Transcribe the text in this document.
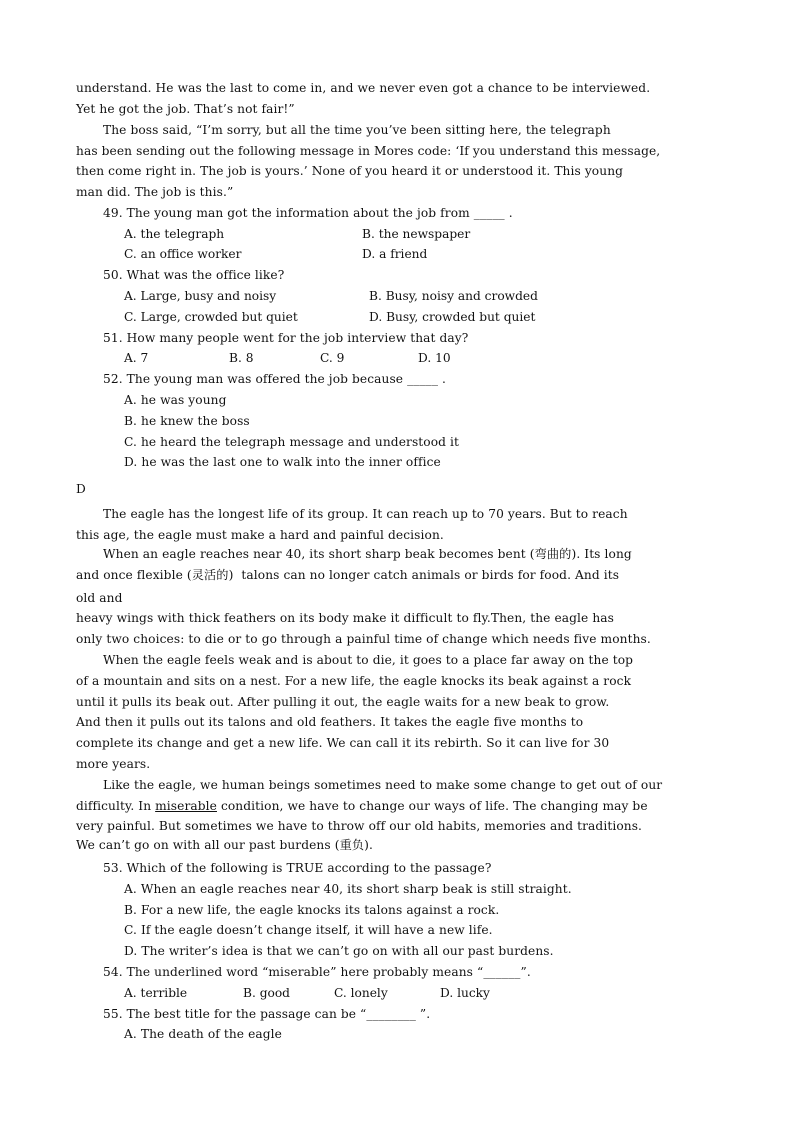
understand. He was the last to come in, and we never even got a chance to be interviewed.
Yet he got the job. That’s not fair!”
The boss said, “I’m sorry, but all the time you’ve been sitting here, the telegraph
has been sending out the following message in Mores code: ‘If you understand this message,
then come right in. The job is yours.’ None of you heard it or understood it. This young
man did. The job is this.”
49. The young man got the information about the job from _____ .
A. the telegraph	B. the newspaper
C. an office worker	D. a friend
50. What was the office like?
A. Large, busy and noisy	B. Busy, noisy and crowded
C. Large, crowded but quiet	D. Busy, crowded but quiet
51. How many people went for the job interview that day?
A. 7	B. 8	C. 9	D. 10
52. The young man was offered the job because _____ .
A. he was young
B. he knew the boss
C. he heard the telegraph message and understood it
D. he was the last one to walk into the inner office
D
The eagle has the longest life of its group. It can reach up to 70 years. But to reach
this age, the eagle must make a hard and painful decision.
When an eagle reaches near 40, its short sharp beak becomes bent (弯曲的). Its long
and once flexible (灵活的)  talons can no longer catch animals or birds for food. And its
old and
heavy wings with thick feathers on its body make it difficult to fly.Then, the eagle has
only two choices: to die or to go through a painful time of change which needs five months.
When the eagle feels weak and is about to die, it goes to a place far away on the top
of a mountain and sits on a nest. For a new life, the eagle knocks its beak against a rock
until it pulls its beak out. After pulling it out, the eagle waits for a new beak to grow.
And then it pulls out its talons and old feathers. It takes the eagle five months to
complete its change and get a new life. We can call it its rebirth. So it can live for 30
more years.
Like the eagle, we human beings sometimes need to make some change to get out of our
difficulty. In miserable condition, we have to change our ways of life. The changing may be
very painful. But sometimes we have to throw off our old habits, memories and traditions.
We can’t go on with all our past burdens (重负).
53. Which of the following is TRUE according to the passage?
A. When an eagle reaches near 40, its short sharp beak is still straight.
B. For a new life, the eagle knocks its talons against a rock.
C. If the eagle doesn’t change itself, it will have a new life.
D. The writer’s idea is that we can’t go on with all our past burdens.
54. The underlined word “miserable” here probably means “______”.
A. terrible	B. good	C. lonely	D. lucky
55. The best title for the passage can be “________ ”.
A. The death of the eagle
